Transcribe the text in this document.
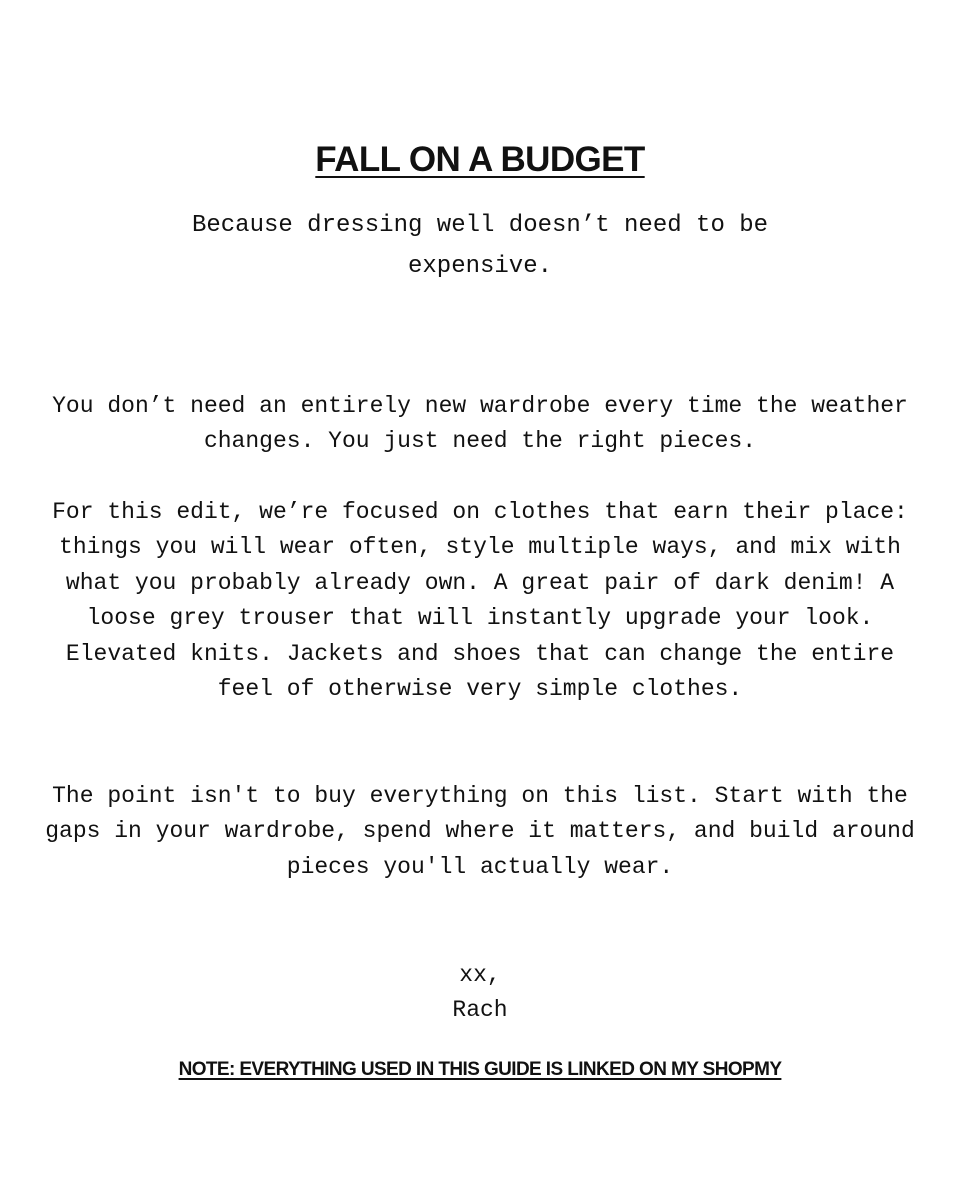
FALL ON A BUDGET

Because dressing well doesn’t need to be expensive.

You don’t need an entirely new wardrobe every time the weather changes. You just need the right pieces.

For this edit, we’re focused on clothes that earn their place: things you will wear often, style multiple ways, and mix with what you probably already own. A great pair of dark denim! A loose grey trouser that will instantly upgrade your look. Elevated knits. Jackets and shoes that can change the entire feel of otherwise very simple clothes.

The point isn't to buy everything on this list. Start with the gaps in your wardrobe, spend where it matters, and build around pieces you'll actually wear.

xx,

Rach

NOTE: EVERYTHING USED IN THIS GUIDE IS LINKED ON MY SHOPMY
